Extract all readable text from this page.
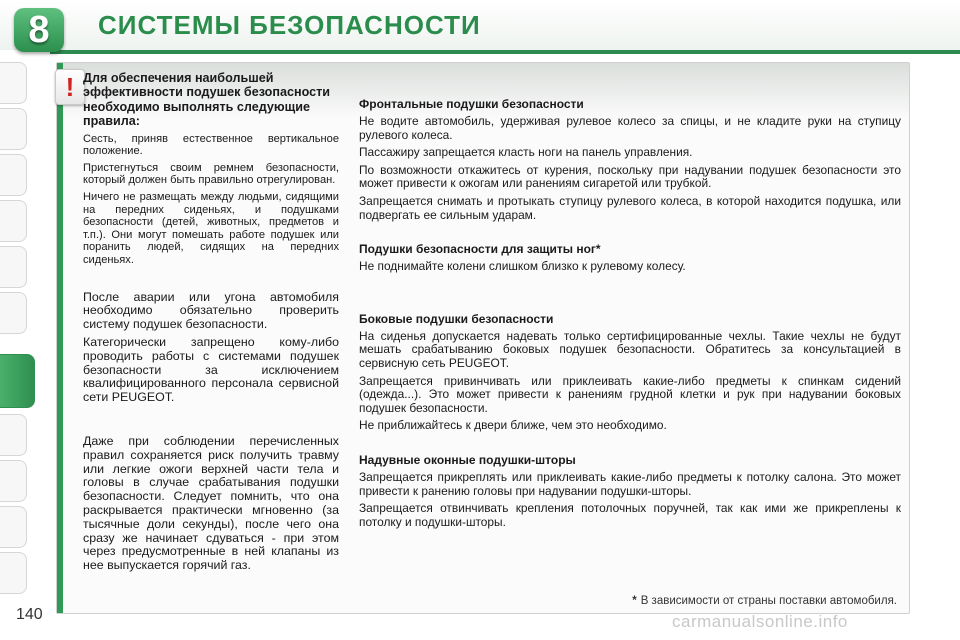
8 СИСТЕМЫ БЕЗОПАСНОСТИ
! Для обеспечения наибольшей эффективности подушек безопасности необходимо выполнять следующие правила:

Сесть, приняв естественное вертикальное положение.

Пристегнуться своим ремнем безопасности, который должен быть правильно отрегулирован.

Ничего не размещать между людьми, сидящими на передних сиденьях, и подушками безопасности (детей, животных, предметов и т.п.). Они могут помешать работе подушек или поранить людей, сидящих на передних сиденьях.

После аварии или угона автомобиля необходимо обязательно проверить систему подушек безопасности.

Категорически запрещено кому-либо проводить работы с системами подушек безопасности за исключением квалифицированного персонала сервисной сети PEUGEOT.

Даже при соблюдении перечисленных правил сохраняется риск получить травму или легкие ожоги верхней части тела и головы в случае срабатывания подушки безопасности. Следует помнить, что она раскрывается практически мгновенно (за тысячные доли секунды), после чего она сразу же начинает сдуваться - при этом через предусмотренные в ней клапаны из нее выпускается горячий газ.

Фронтальные подушки безопасности

Не водите автомобиль, удерживая рулевое колесо за спицы, и не кладите руки на ступицу рулевого колеса.

Пассажиру запрещается класть ноги на панель управления.

По возможности откажитесь от курения, поскольку при надувании подушек безопасности это может привести к ожогам или ранениям сигаретой или трубкой.

Запрещается снимать и протыкать ступицу рулевого колеса, в которой находится подушка, или подвергать ее сильным ударам.

Подушки безопасности для защиты ног*

Не поднимайте колени слишком близко к рулевому колесу.

Боковые подушки безопасности

На сиденья допускается надевать только сертифицированные чехлы. Такие чехлы не будут мешать срабатыванию боковых подушек безопасности. Обратитесь за консультацией в сервисную сеть PEUGEOT.

Запрещается привинчивать или приклеивать какие-либо предметы к спинкам сидений (одежда...). Это может привести к ранениям грудной клетки и рук при надувании боковых подушек безопасности.

Не приближайтесь к двери ближе, чем это необходимо.

Надувные оконные подушки-шторы

Запрещается прикреплять или приклеивать какие-либо предметы к потолку салона. Это может привести к ранению головы при надувании подушки-шторы.

Запрещается отвинчивать крепления потолочных поручней, так как ими же прикреплены к потолку и подушки-шторы.

* В зависимости от страны поставки автомобиля.
140	carmanualsonline.info
